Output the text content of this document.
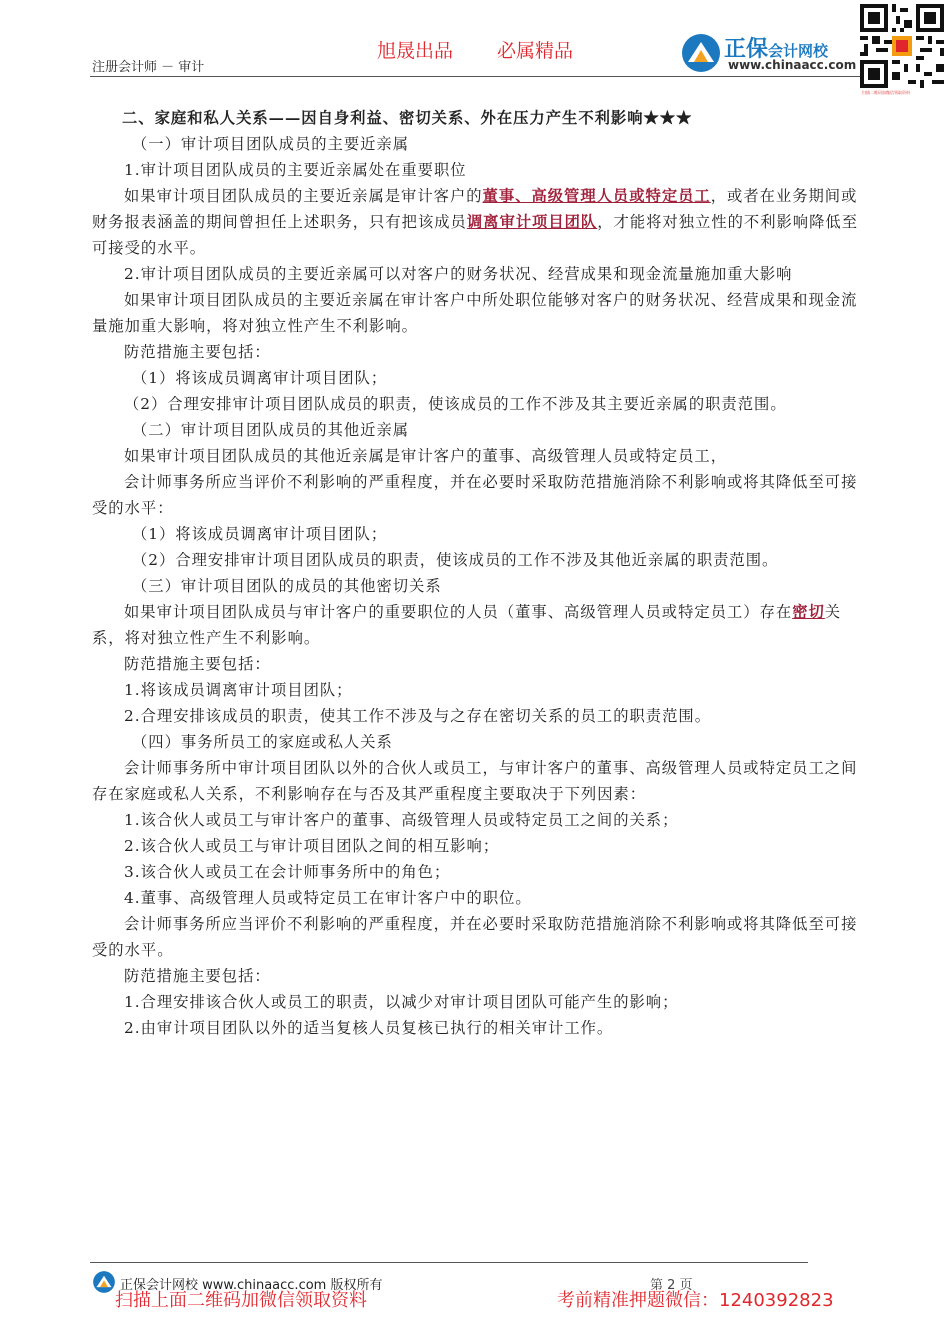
注册会计师 － 审计
旭晟出品 必属精品	正保会计网校
www.chinaacc.com
扫描二维码加微信领取资料

二、家庭和私人关系——因自身利益、密切关系、外在压力产生不利影响★★★

（一）审计项目团队成员的主要近亲属

1.审计项目团队成员的主要近亲属处在重要职位

如果审计项目团队成员的主要近亲属是审计客户的董事、高级管理人员或特定员工，或者在业务期间或财务报表涵盖的期间曾担任上述职务，只有把该成员调离审计项目团队，才能将对独立性的不利影响降低至可接受的水平。

2.审计项目团队成员的主要近亲属可以对客户的财务状况、经营成果和现金流量施加重大影响

如果审计项目团队成员的主要近亲属在审计客户中所处职位能够对客户的财务状况、经营成果和现金流量施加重大影响，将对独立性产生不利影响。

防范措施主要包括：

（1）将该成员调离审计项目团队；

（2）合理安排审计项目团队成员的职责，使该成员的工作不涉及其主要近亲属的职责范围。

（二）审计项目团队成员的其他近亲属

如果审计项目团队成员的其他近亲属是审计客户的董事、高级管理人员或特定员工，

会计师事务所应当评价不利影响的严重程度，并在必要时采取防范措施消除不利影响或将其降低至可接受的水平：

（1）将该成员调离审计项目团队；

（2）合理安排审计项目团队成员的职责，使该成员的工作不涉及其他近亲属的职责范围。

（三）审计项目团队的成员的其他密切关系

如果审计项目团队成员与审计客户的重要职位的人员（董事、高级管理人员或特定员工）存在密切关系，将对独立性产生不利影响。

防范措施主要包括：

1.将该成员调离审计项目团队；

2.合理安排该成员的职责，使其工作不涉及与之存在密切关系的员工的职责范围。

（四）事务所员工的家庭或私人关系

会计师事务所中审计项目团队以外的合伙人或员工，与审计客户的董事、高级管理人员或特定员工之间存在家庭或私人关系，不利影响存在与否及其严重程度主要取决于下列因素：

1.该合伙人或员工与审计客户的董事、高级管理人员或特定员工之间的关系；

2.该合伙人或员工与审计项目团队之间的相互影响；

3.该合伙人或员工在会计师事务所中的角色；

4.董事、高级管理人员或特定员工在审计客户中的职位。

会计师事务所应当评价不利影响的严重程度，并在必要时采取防范措施消除不利影响或将其降低至可接受的水平。

防范措施主要包括：

1.合理安排该合伙人或员工的职责，以减少对审计项目团队可能产生的影响；

2.由审计项目团队以外的适当复核人员复核已执行的相关审计工作。

正保会计网校 www.chinaacc.com 版权所有	第 2 页
扫描上面二维码加微信领取资料	考前精准押题微信：1240392823
